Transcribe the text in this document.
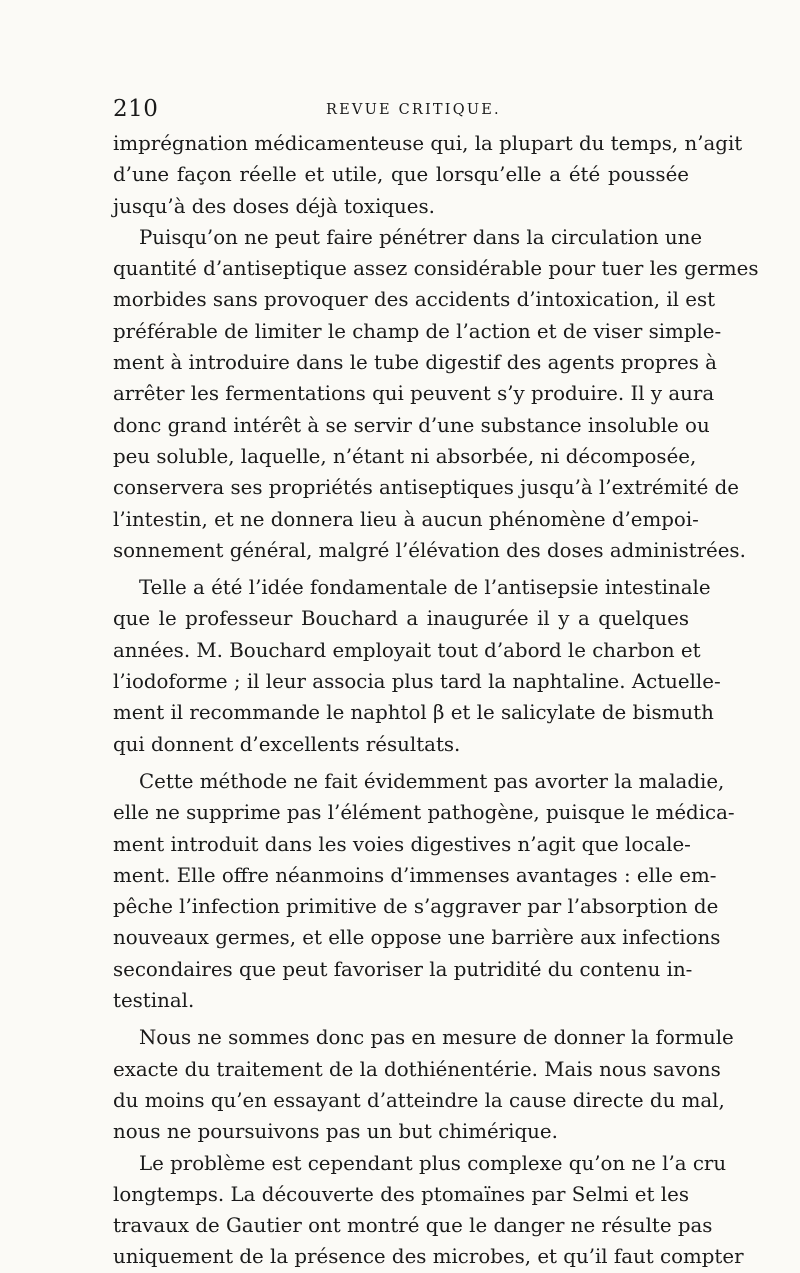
210	REVUE CRITIQUE.
imprégnation médicamenteuse qui, la plupart du temps, n’agit
d’une façon réelle et utile, que lorsqu’elle a été poussée
jusqu’à des doses déjà toxiques.
Puisqu’on ne peut faire pénétrer dans la circulation une
quantité d’antiseptique assez considérable pour tuer les germes
morbides sans provoquer des accidents d’intoxication, il est
préférable de limiter le champ de l’action et de viser simple-
ment à introduire dans le tube digestif des agents propres à
arrêter les fermentations qui peuvent s’y produire. Il y aura
donc grand intérêt à se servir d’une substance insoluble ou
peu soluble, laquelle, n’étant ni absorbée, ni décomposée,
conservera ses propriétés antiseptiques jusqu’à l’extrémité de
l’intestin, et ne donnera lieu à aucun phénomène d’empoi-
sonnement général, malgré l’élévation des doses administrées.
Telle a été l’idée fondamentale de l’antisepsie intestinale
que le professeur Bouchard a inaugurée il y a quelques
années. M. Bouchard employait tout d’abord le charbon et
l’iodoforme ; il leur associa plus tard la naphtaline. Actuelle-
ment il recommande le naphtol β et le salicylate de bismuth
qui donnent d’excellents résultats.
Cette méthode ne fait évidemment pas avorter la maladie,
elle ne supprime pas l’élément pathogène, puisque le médica-
ment introduit dans les voies digestives n’agit que locale-
ment. Elle offre néanmoins d’immenses avantages : elle em-
pêche l’infection primitive de s’aggraver par l’absorption de
nouveaux germes, et elle oppose une barrière aux infections
secondaires que peut favoriser la putridité du contenu in-
testinal.
Nous ne sommes donc pas en mesure de donner la formule
exacte du traitement de la dothiénentérie. Mais nous savons
du moins qu’en essayant d’atteindre la cause directe du mal,
nous ne poursuivons pas un but chimérique.
Le problème est cependant plus complexe qu’on ne l’a cru
longtemps. La découverte des ptomaïnes par Selmi et les
travaux de Gautier ont montré que le danger ne résulte pas
uniquement de la présence des microbes, et qu’il faut compter
